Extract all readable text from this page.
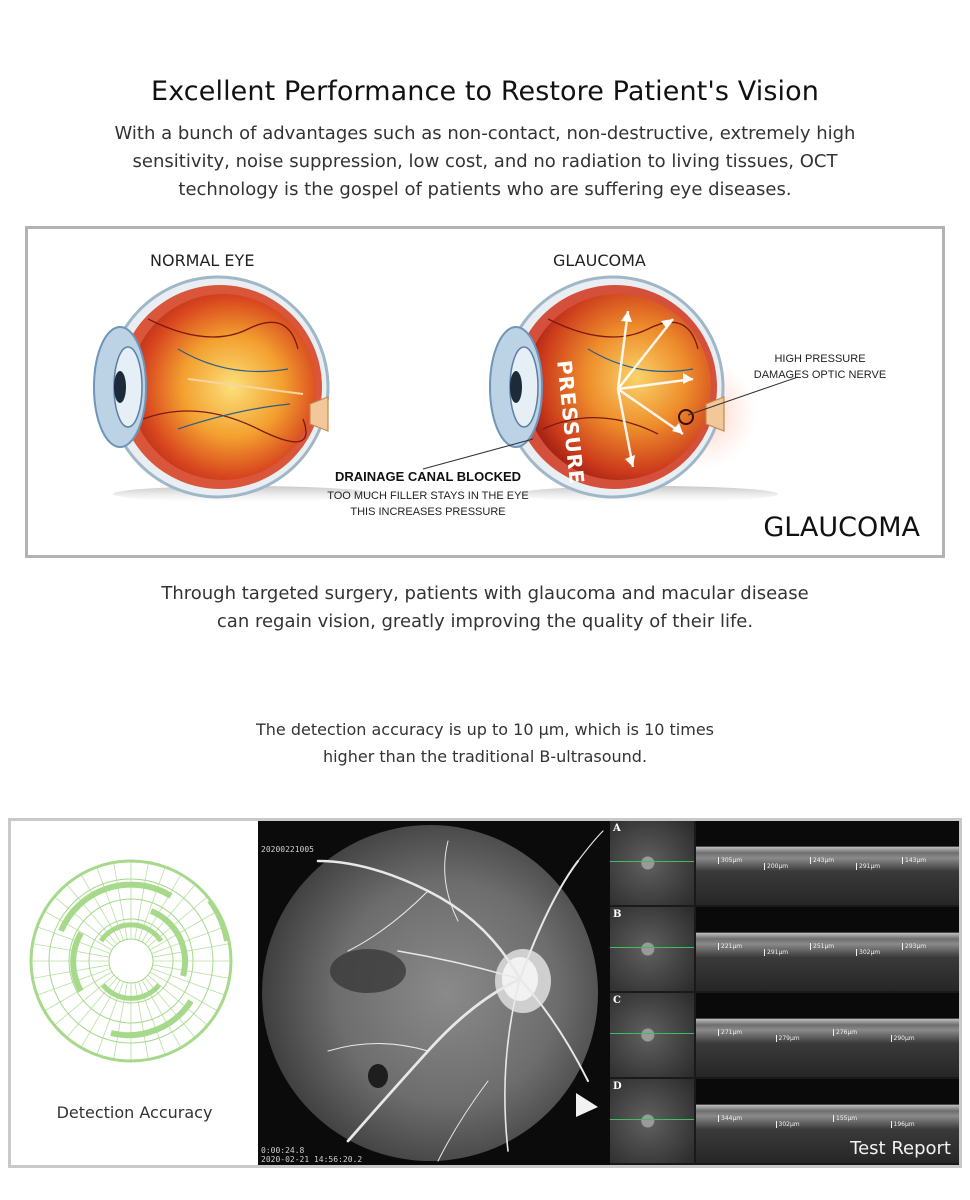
Excellent Performance to Restore Patient's Vision

With a bunch of advantages such as non-contact, non-destructive, extremely high sensitivity, noise suppression, low cost, and no radiation to living tissues, OCT technology is the gospel of patients who are suffering eye diseases.

NORMAL EYE	GLAUCOMA
PRESSURE
DRAINAGE CANAL BLOCKED
TOO MUCH FILLER STAYS IN THE EYE
THIS INCREASES PRESSURE
HIGH PRESSURE
DAMAGES OPTIC NERVE
GLAUCOMA

Through targeted surgery, patients with glaucoma and macular disease can regain vision, greatly improving the quality of their life.

The detection accuracy is up to 10 μm, which is 10 times higher than the traditional B-ultrasound.

Detection Accuracy
20200221005
0:00:24.8
2020-02-21 14:56:20.2
A
305µm
200µm
243µm
291µm
143µm
B
221µm
291µm
251µm
302µm
293µm
C
271µm
279µm
276µm
290µm
D
344µm
302µm
155µm
196µm
Test Report
